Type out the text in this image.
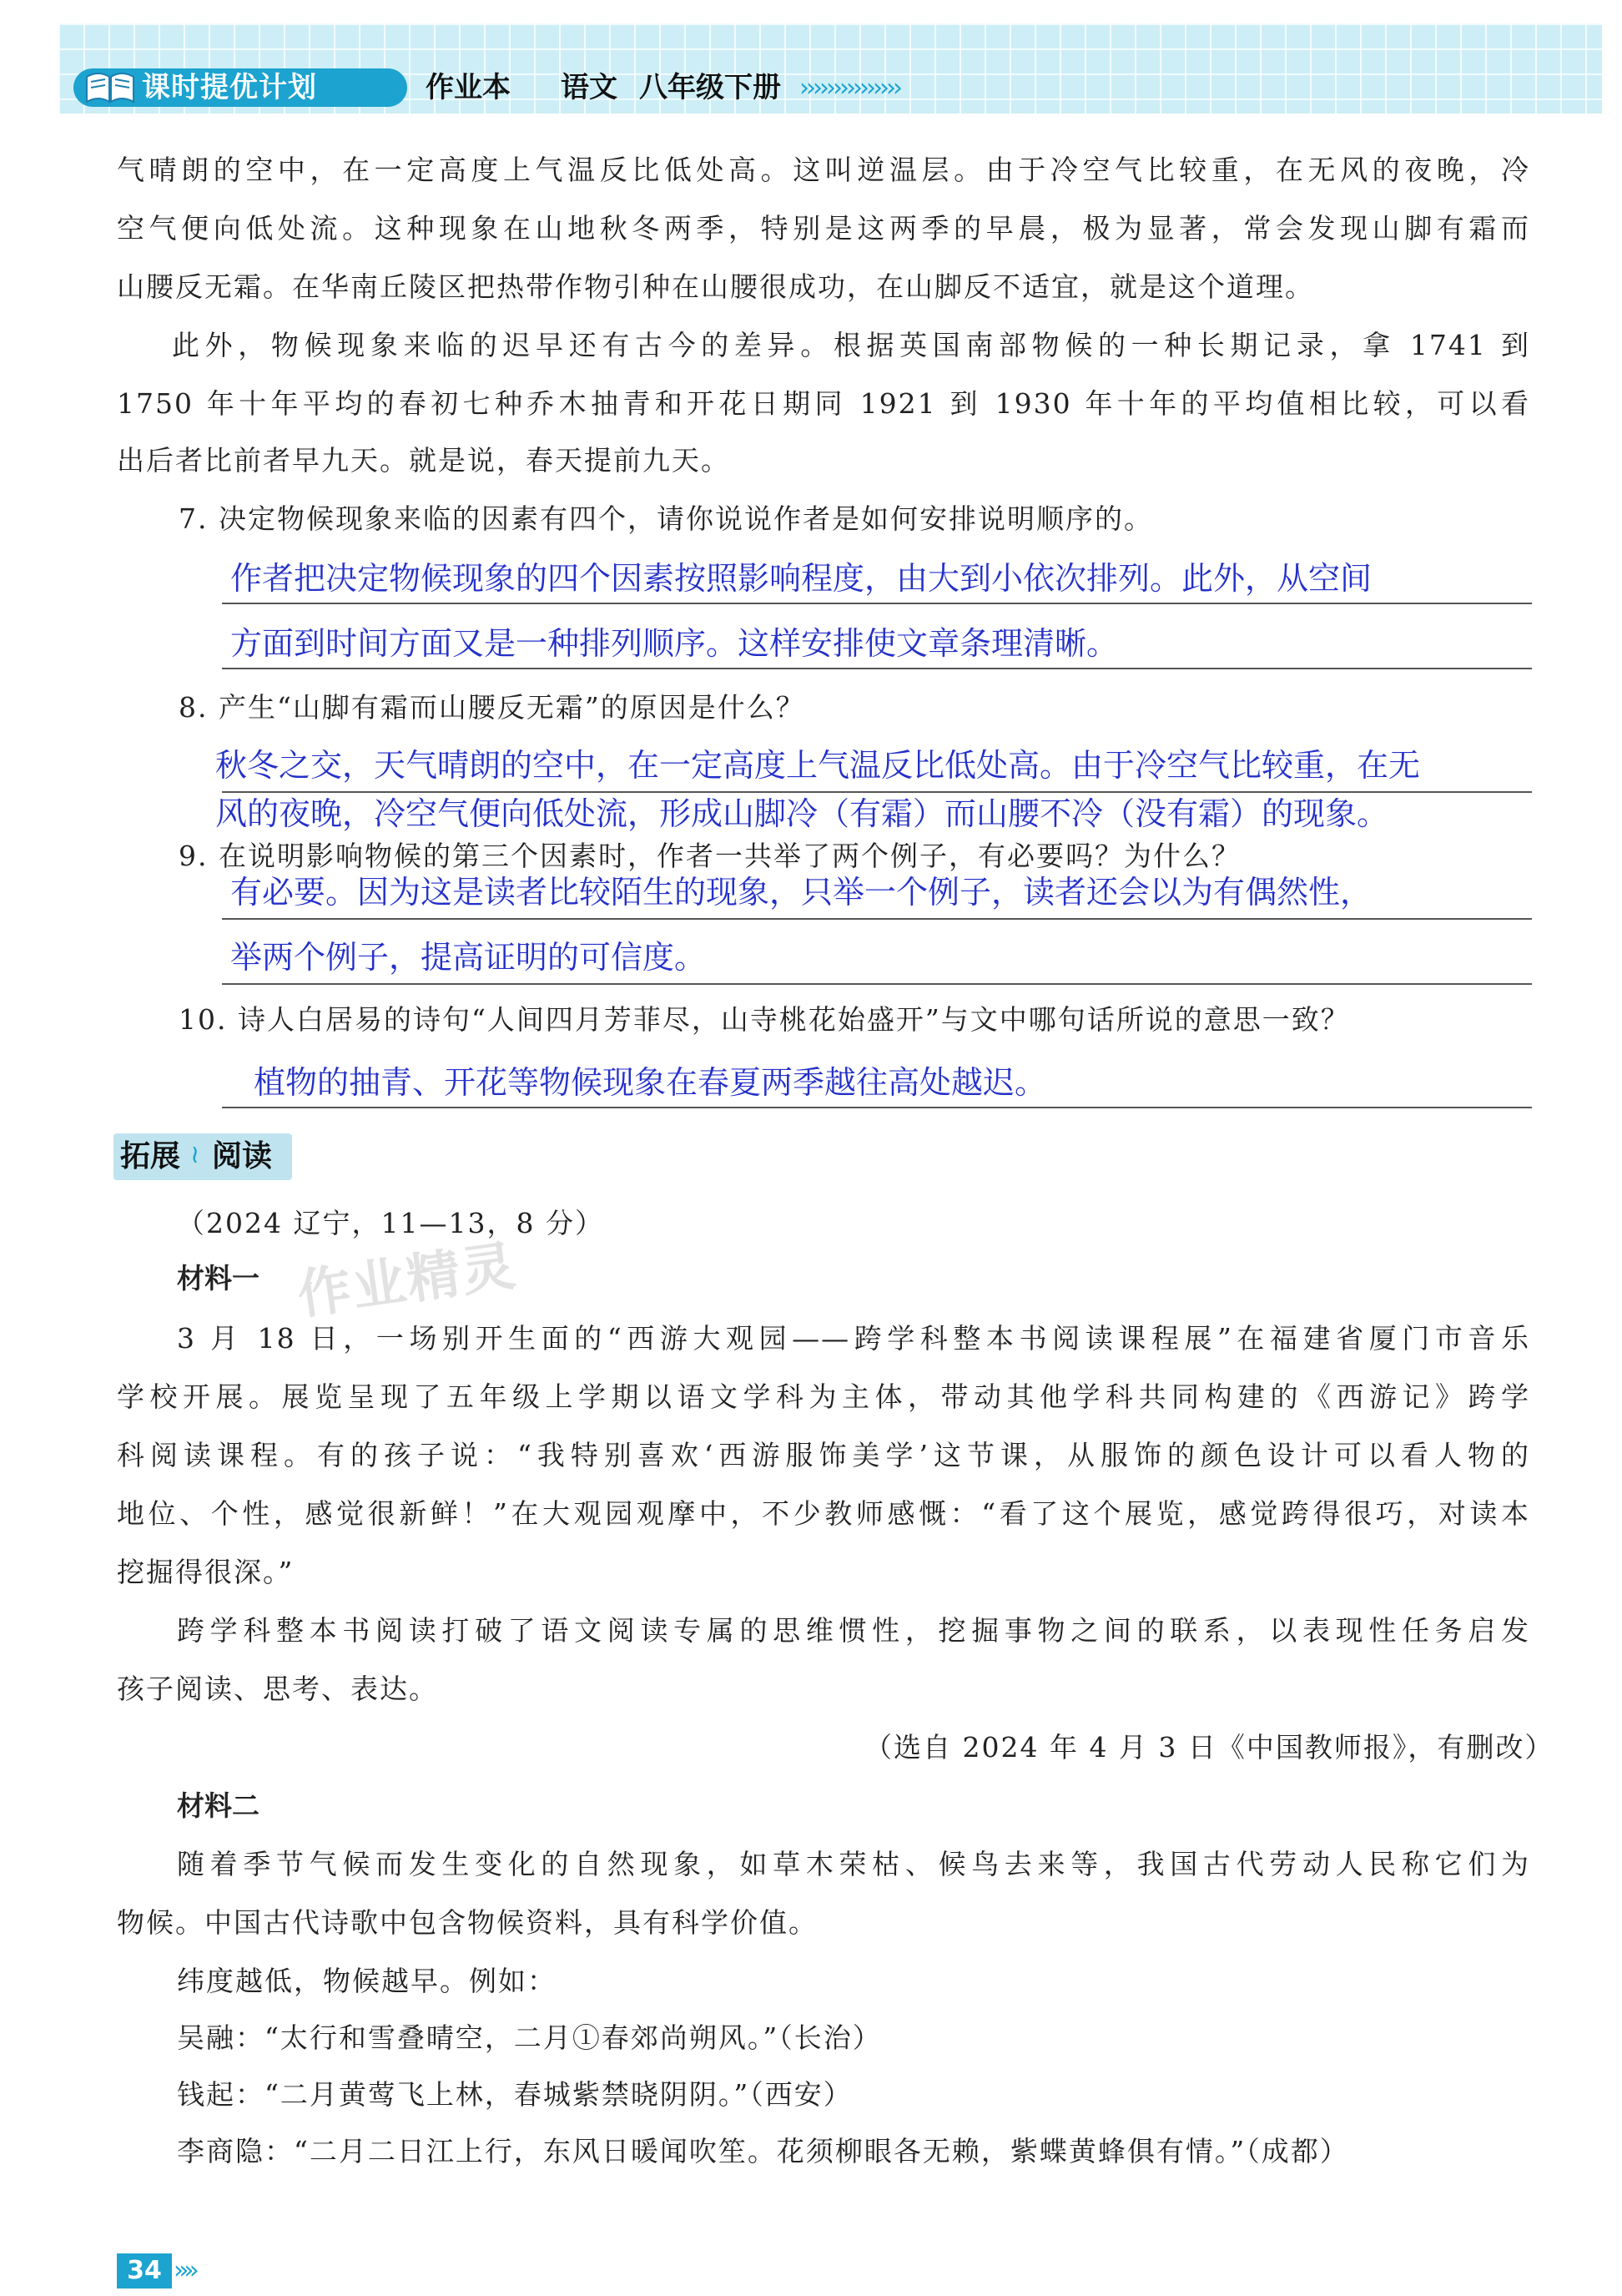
课时提优计划	作业本 语文 八年级下册 ›››››››››››››››
气晴朗的空中，在一定高度上气温反比低处高。这叫逆温层。由于冷空气比较重，在无风的夜晚，冷
空气便向低处流。这种现象在山地秋冬两季，特别是这两季的早晨，极为显著，常会发现山脚有霜而
山腰反无霜。在华南丘陵区把热带作物引种在山腰很成功，在山脚反不适宜，就是这个道理。
此外，物候现象来临的迟早还有古今的差异。根据英国南部物候的一种长期记录，拿 1741 到
1750 年十年平均的春初七种乔木抽青和开花日期同 1921 到 1930 年十年的平均值相比较，可以看
出后者比前者早九天。就是说，春天提前九天。
7. 决定物候现象来临的因素有四个，请你说说作者是如何安排说明顺序的。
作者把决定物候现象的四个因素按照影响程度，由大到小依次排列。此外，从空间
方面到时间方面又是一种排列顺序。这样安排使文章条理清晰。
8. 产生“山脚有霜而山腰反无霜”的原因是什么？
秋冬之交，天气晴朗的空中，在一定高度上气温反比低处高。由于冷空气比较重，在无
风的夜晚，冷空气便向低处流，形成山脚冷（有霜）而山腰不冷（没有霜）的现象。
9. 在说明影响物候的第三个因素时，作者一共举了两个例子，有必要吗？为什么？
有必要。因为这是读者比较陌生的现象，只举一个例子，读者还会以为有偶然性，
举两个例子，提高证明的可信度。
10. 诗人白居易的诗句“人间四月芳菲尽，山寺桃花始盛开”与文中哪句话所说的意思一致？
植物的抽青、开花等物候现象在春夏两季越往高处越迟。
拓展 ≀ 阅读
（2024 辽宁，11—13，8 分）
材料一 作业精灵
3 月 18 日，一场别开生面的“西游大观园——跨学科整本书阅读课程展”在福建省厦门市音乐
学校开展。展览呈现了五年级上学期以语文学科为主体，带动其他学科共同构建的《西游记》跨学
科阅读课程。有的孩子说：“我特别喜欢‘西游服饰美学’这节课，从服饰的颜色设计可以看人物的
地位、个性，感觉很新鲜！”在大观园观摩中，不少教师感慨：“看了这个展览，感觉跨得很巧，对读本
挖掘得很深。”
跨学科整本书阅读打破了语文阅读专属的思维惯性，挖掘事物之间的联系，以表现性任务启发
孩子阅读、思考、表达。
（选自 2024 年 4 月 3 日《中国教师报》，有删改）
材料二
随着季节气候而发生变化的自然现象，如草木荣枯、候鸟去来等，我国古代劳动人民称它们为
物候。中国古代诗歌中包含物候资料，具有科学价值。
纬度越低，物候越早。例如：
吴融：“太行和雪叠晴空，二月①春郊尚朔风。”（长治）
钱起：“二月黄莺飞上林，春城紫禁晓阴阴。”（西安）
李商隐：“二月二日江上行，东风日暖闻吹笙。花须柳眼各无赖，紫蝶黄蜂俱有情。”（成都）
34 »»
